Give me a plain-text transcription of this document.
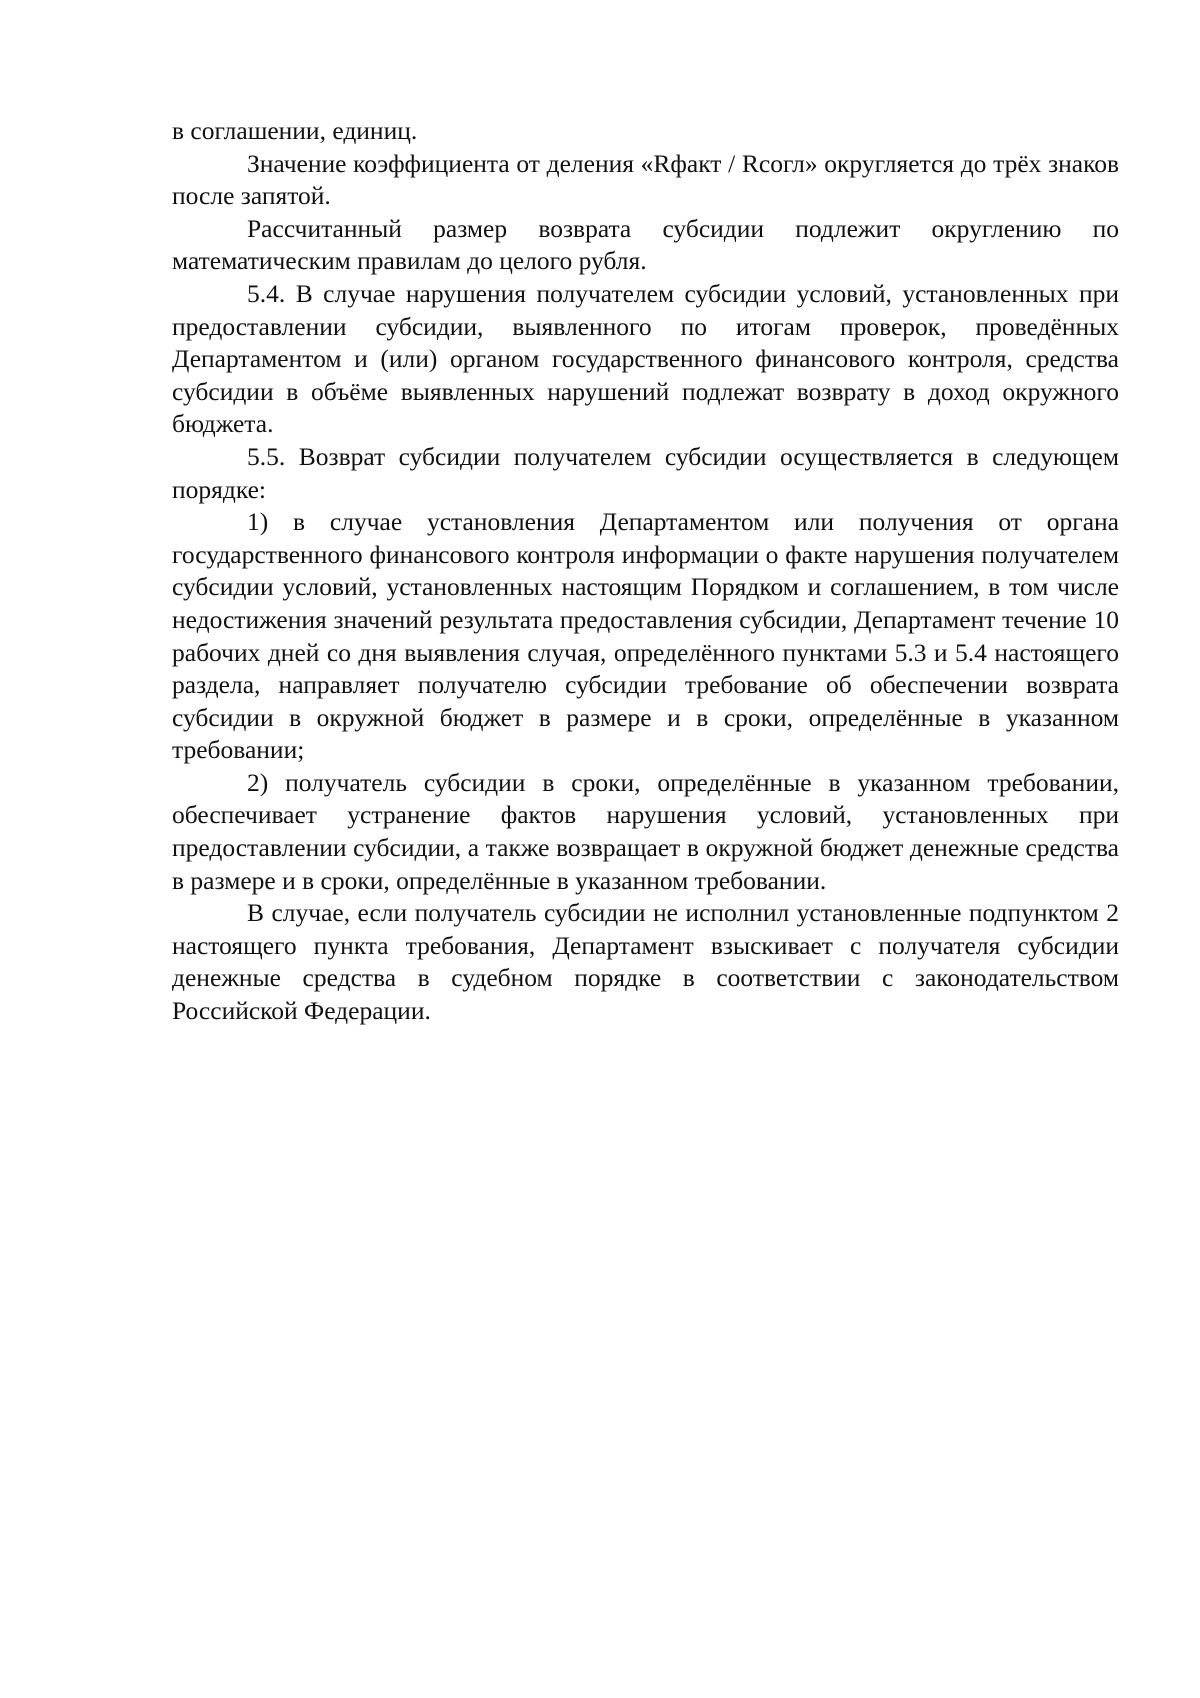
в соглашении, единиц.

Значение коэффициента от деления «Rфакт / Rсогл» округляется до трёх знаков после запятой.

Рассчитанный размер возврата субсидии подлежит округлению по математическим правилам до целого рубля.

5.4. В случае нарушения получателем субсидии условий, установленных при предоставлении субсидии, выявленного по итогам проверок, проведённых Департаментом и (или) органом государственного финансового контроля, средства субсидии в объёме выявленных нарушений подлежат возврату в доход окружного бюджета.

5.5. Возврат субсидии получателем субсидии осуществляется в следующем порядке:

1) в случае установления Департаментом или получения от органа государственного финансового контроля информации о факте нарушения получателем субсидии условий, установленных настоящим Порядком и соглашением, в том числе недостижения значений результата предоставления субсидии, Департамент течение 10 рабочих дней со дня выявления случая, определённого пунктами 5.3 и 5.4 настоящего раздела, направляет получателю субсидии требование об обеспечении возврата субсидии в окружной бюджет в размере и в сроки, определённые в указанном требовании;

2) получатель субсидии в сроки, определённые в указанном требовании, обеспечивает устранение фактов нарушения условий, установленных при предоставлении субсидии, а также возвращает в окружной бюджет денежные средства в размере и в сроки, определённые в указанном требовании.

В случае, если получатель субсидии не исполнил установленные подпунктом 2 настоящего пункта требования, Департамент взыскивает с получателя субсидии денежные средства в судебном порядке в соответствии с законодательством Российской Федерации.
